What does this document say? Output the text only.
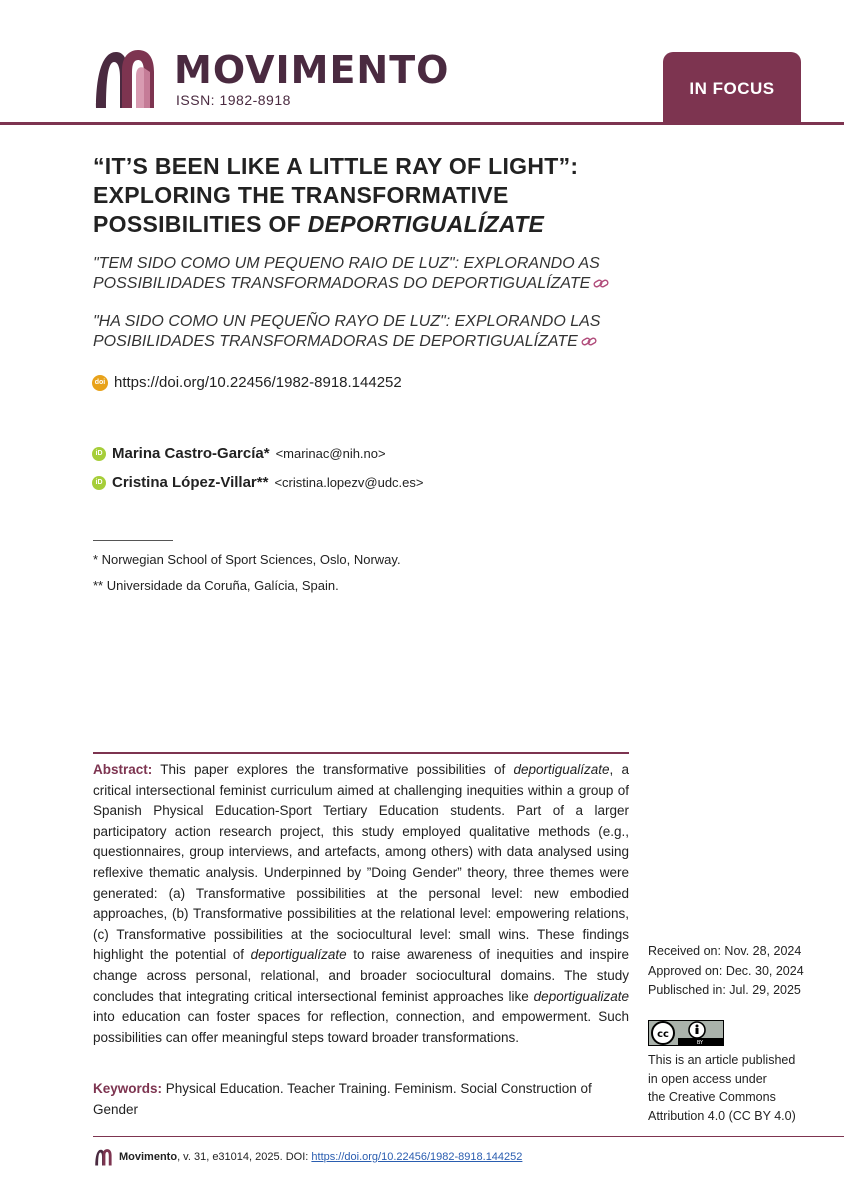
MOVIMENTO
ISSN: 1982-8918
IN FOCUS
“IT’S BEEN LIKE A LITTLE RAY OF LIGHT”:
EXPLORING THE TRANSFORMATIVE
POSSIBILITIES OF DEPORTIGUALÍZATE
"TEM SIDO COMO UM PEQUENO RAIO DE LUZ": EXPLORANDO AS
POSSIBILIDADES TRANSFORMADORAS DO DEPORTIGUALÍZATE
"HA SIDO COMO UN PEQUEÑO RAYO DE LUZ": EXPLORANDO LAS
POSIBILIDADES TRANSFORMADORAS DE DEPORTIGUALÍZATE
doi https://doi.org/10.22456/1982-8918.144252
iD Marina Castro-García* <marinac@nih.no>
iD Cristina López-Villar** <cristina.lopezv@udc.es>
* Norwegian School of Sport Sciences, Oslo, Norway.
** Universidade da Coruña, Galícia, Spain.
Abstract: This paper explores the transformative possibilities of deportigualízate, a critical intersectional feminist curriculum aimed at challenging inequities within a group of Spanish Physical Education-Sport Tertiary Education students. Part of a larger participatory action research project, this study employed qualitative methods (e.g., questionnaires, group interviews, and artefacts, among others) with data analysed using reflexive thematic analysis. Underpinned by ”Doing Gender” theory, three themes were generated: (a) Transformative possibilities at the personal level: new embodied approaches, (b) Transformative possibilities at the relational level: empowering relations, (c) Transformative possibilities at the sociocultural level: small wins. These findings highlight the potential of deportigualízate to raise awareness of inequities and inspire change across personal, relational, and broader sociocultural domains. The study concludes that integrating critical intersectional feminist approaches like deportigualizate into education can foster spaces for reflection, connection, and empowerment. Such possibilities can offer meaningful steps toward broader transformations.
Keywords: Physical Education. Teacher Training. Feminism. Social Construction of Gender
Received on: Nov. 28, 2024
Approved on: Dec. 30, 2024
Publisched in: Jul. 29, 2025
cc
BY
This is an article published
in open access under
the Creative Commons
Attribution 4.0 (CC BY 4.0)
Movimento, v. 31, e31014, 2025. DOI: https://doi.org/10.22456/1982-8918.144252
